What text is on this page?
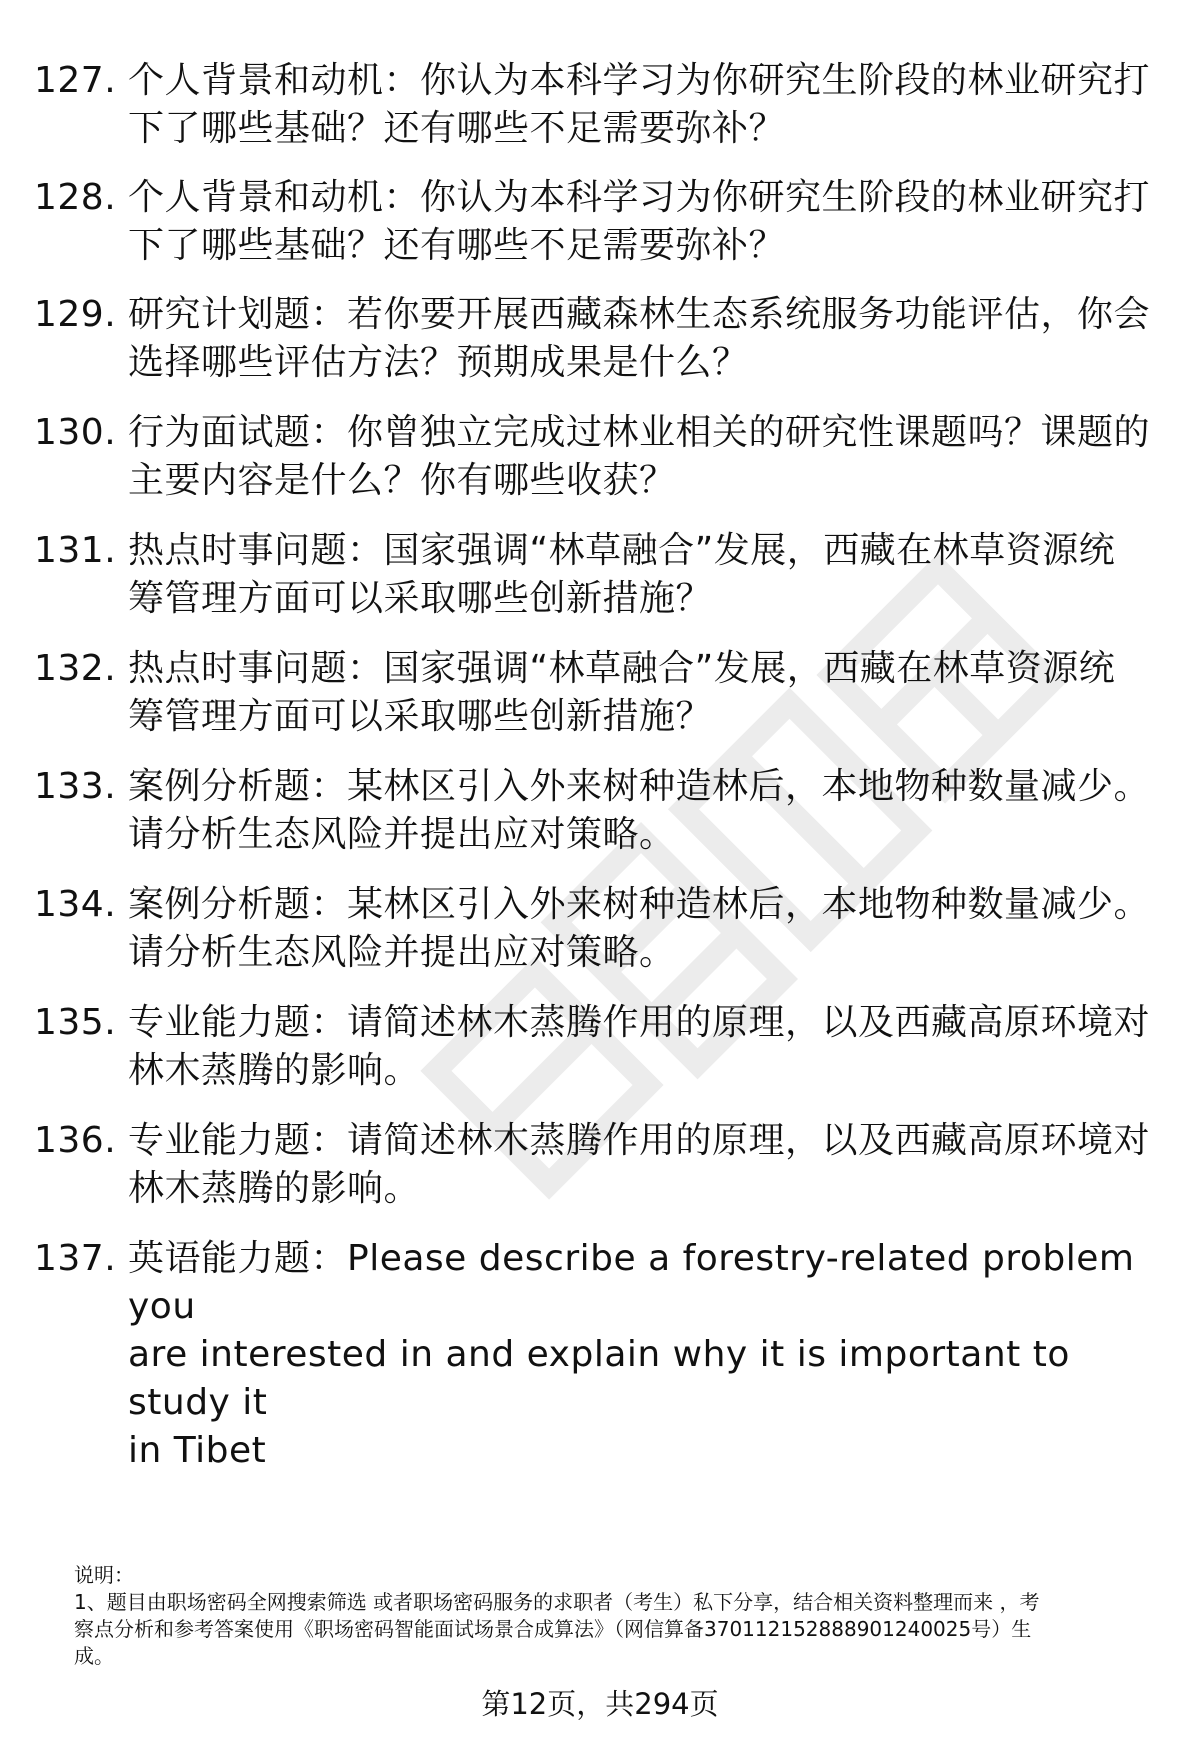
127. 个人背景和动机：你认为本科学习为你研究生阶段的林业研究打
下了哪些基础？还有哪些不足需要弥补？
128. 个人背景和动机：你认为本科学习为你研究生阶段的林业研究打
下了哪些基础？还有哪些不足需要弥补？
129. 研究计划题：若你要开展西藏森林生态系统服务功能评估，你会
选择哪些评估方法？预期成果是什么？
130. 行为面试题：你曾独立完成过林业相关的研究性课题吗？课题的
主要内容是什么？你有哪些收获？
131. 热点时事问题：国家强调“林草融合”发展，西藏在林草资源统
筹管理方面可以采取哪些创新措施？
132. 热点时事问题：国家强调“林草融合”发展，西藏在林草资源统
筹管理方面可以采取哪些创新措施？
133. 案例分析题：某林区引入外来树种造林后，本地物种数量减少。
请分析生态风险并提出应对策略。
134. 案例分析题：某林区引入外来树种造林后，本地物种数量减少。
请分析生态风险并提出应对策略。
135. 专业能力题：请简述林木蒸腾作用的原理，以及西藏高原环境对
林木蒸腾的影响。
136. 专业能力题：请简述林木蒸腾作用的原理，以及西藏高原环境对
林木蒸腾的影响。
137. 英语能力题：Please describe a forestry-related problem you
are interested in and explain why it is important to study it
in Tibet
说明：
1、题目由职场密码全网搜索筛选 或者职场密码服务的求职者（考生）私下分享，结合相关资料整理而来 ，考
察点分析和参考答案使用《职场密码智能面试场景合成算法》（网信算备370112152888901240025号）生
成。
第12页，共294页
